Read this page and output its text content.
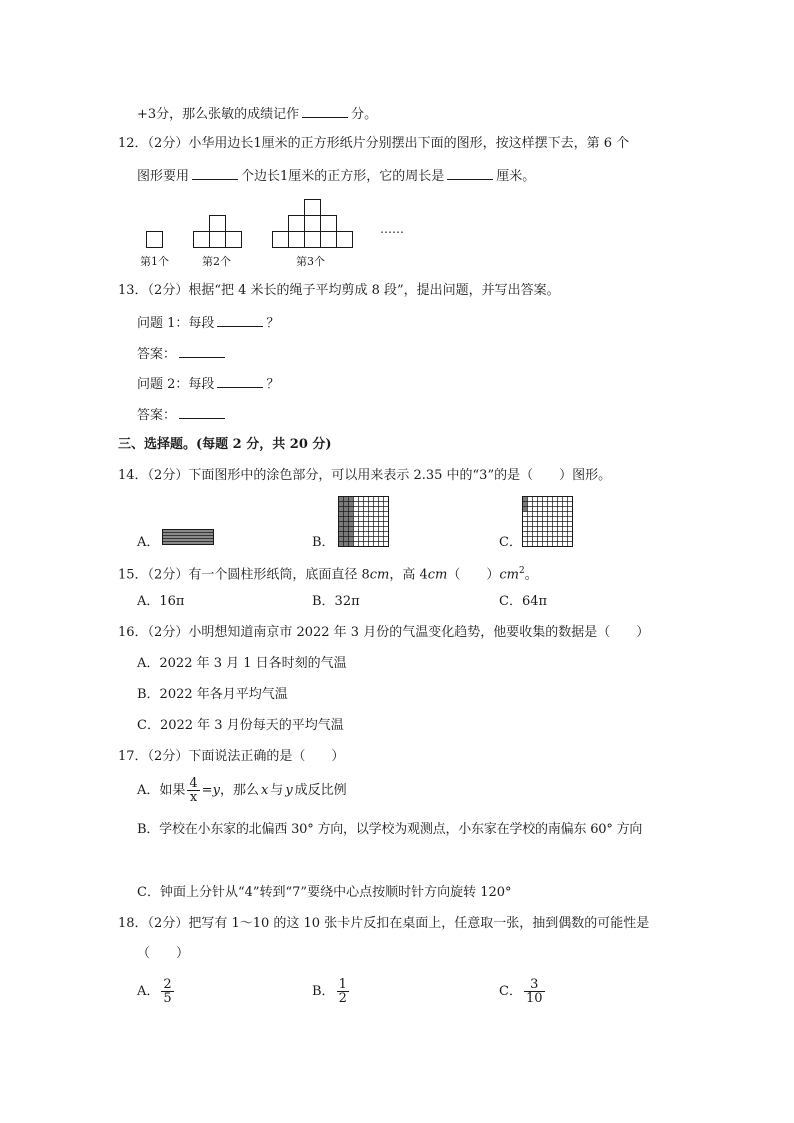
+3分，那么张敏的成绩记作	分。
12．（2分）小华用边长1厘米的正方形纸片分别摆出下面的图形，按这样摆下去，第 6 个
图形要用	个边长1厘米的正方形，它的周长是	厘米。
第1个	第2个	第3个
……
13．（2分）根据“把 4 米长的绳子平均剪成 8 段”，提出问题，并写出答案。
问题 1：每段	？
答案：
问题 2：每段	？
答案：
三、选择题。(每题 2 分，共 20 分)
14．（2分）下面图形中的涂色部分，可以用来表示 2.35 中的“3”的是（　　）图形。
A．	B．	C．
15．（2分）有一个圆柱形纸筒，底面直径 8cm，高 4cm（　　）$cm^2$。
A．16π	B．32π	C．64π
16．（2分）小明想知道南京市 2022 年 3 月份的气温变化趋势，他要收集的数据是（　　）
A．2022 年 3 月 1 日各时刻的气温
B．2022 年各月平均气温
C．2022 年 3 月份每天的平均气温
17．（2分）下面说法正确的是（　　）
A．如果 $\frac{4}{x} =y$，那么 x 与 y 成反比例
B．学校在小东家的北偏西 30° 方向，以学校为观测点，小东家在学校的南偏东 60° 方向
C．钟面上分针从“4”转到“7”要绕中心点按顺时针方向旋转 120°
18．（2分）把写有 1～10 的这 10 张卡片反扣在桌面上，任意取一张，抽到偶数的可能性是
（　　）
A． $\frac{2}{5}$	B． $\frac{1}{2}$	C． $\frac{3}{10}$
